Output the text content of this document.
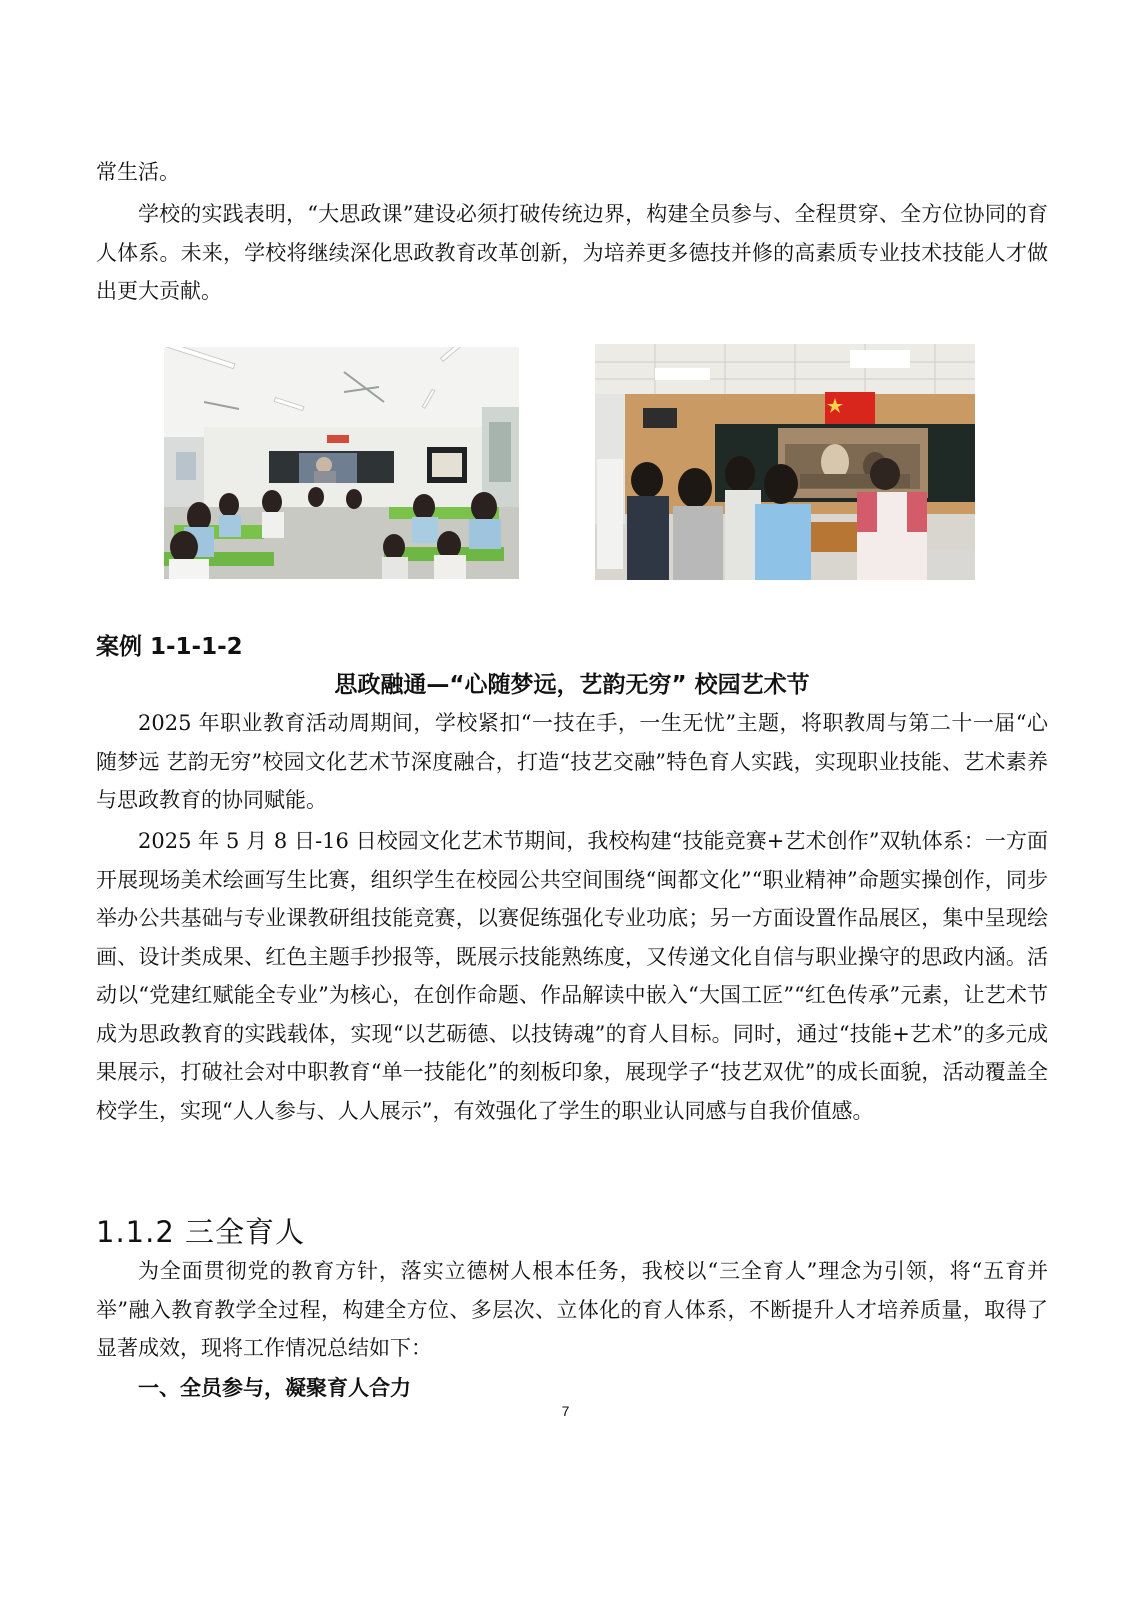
常生活。

学校的实践表明，“大思政课”建设必须打破传统边界，构建全员参与、全程贯穿、全方位协同的育人体系。未来，学校将继续深化思政教育改革创新，为培养更多德技并修的高素质专业技术技能人才做出更大贡献。

案例 1-1-1-2

思政融通—“心随梦远，艺韵无穷” 校园艺术节

2025 年职业教育活动周期间，学校紧扣“一技在手，一生无忧”主题，将职教周与第二十一届“心随梦远 艺韵无穷”校园文化艺术节深度融合，打造“技艺交融”特色育人实践，实现职业技能、艺术素养与思政教育的协同赋能。

2025 年 5 月 8 日-16 日校园文化艺术节期间，我校构建“技能竞赛+艺术创作”双轨体系：一方面开展现场美术绘画写生比赛，组织学生在校园公共空间围绕“闽都文化”“职业精神”命题实操创作，同步举办公共基础与专业课教研组技能竞赛，以赛促练强化专业功底；另一方面设置作品展区，集中呈现绘画、设计类成果、红色主题手抄报等，既展示技能熟练度，又传递文化自信与职业操守的思政内涵。活动以“党建红赋能全专业”为核心，在创作命题、作品解读中嵌入“大国工匠”“红色传承”元素，让艺术节成为思政教育的实践载体，实现“以艺砺德、以技铸魂”的育人目标。同时，通过“技能+艺术”的多元成果展示，打破社会对中职教育“单一技能化”的刻板印象，展现学子“技艺双优”的成长面貌，活动覆盖全校学生，实现“人人参与、人人展示”，有效强化了学生的职业认同感与自我价值感。

1.1.2 三全育人

为全面贯彻党的教育方针，落实立德树人根本任务，我校以“三全育人”理念为引领，将“五育并举”融入教育教学全过程，构建全方位、多层次、立体化的育人体系，不断提升人才培养质量，取得了显著成效，现将工作情况总结如下：

一、全员参与，凝聚育人合力

7
